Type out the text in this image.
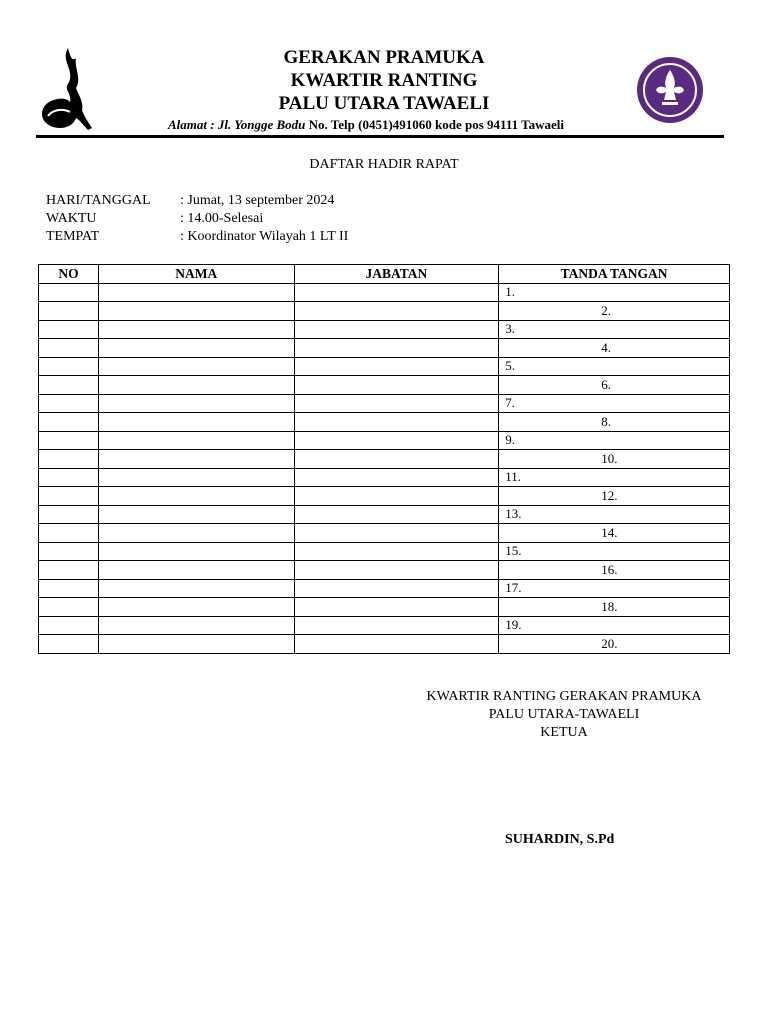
GERAKAN PRAMUKA
KWARTIR RANTING
PALU UTARA TAWAELI
Alamat : Jl. Yongge Bodu No. Telp (0451)491060 kode pos 94111 Tawaeli
DAFTAR HADIR RAPAT
HARI/TANGGAL	: Jumat, 13 september 2024
WAKTU	: 14.00-Selesai
TEMPAT	: Koordinator Wilayah 1 LT II
NO	NAMA	JABATAN	TANDA TANGAN
			1.
			2.
			3.
			4.
			5.
			6.
			7.
			8.
			9.
			10.
			11.
			12.
			13.
			14.
			15.
			16.
			17.
			18.
			19.
			20.
KWARTIR RANTING GERAKAN PRAMUKA
PALU UTARA-TAWAELI
KETUA
SUHARDIN, S.Pd
